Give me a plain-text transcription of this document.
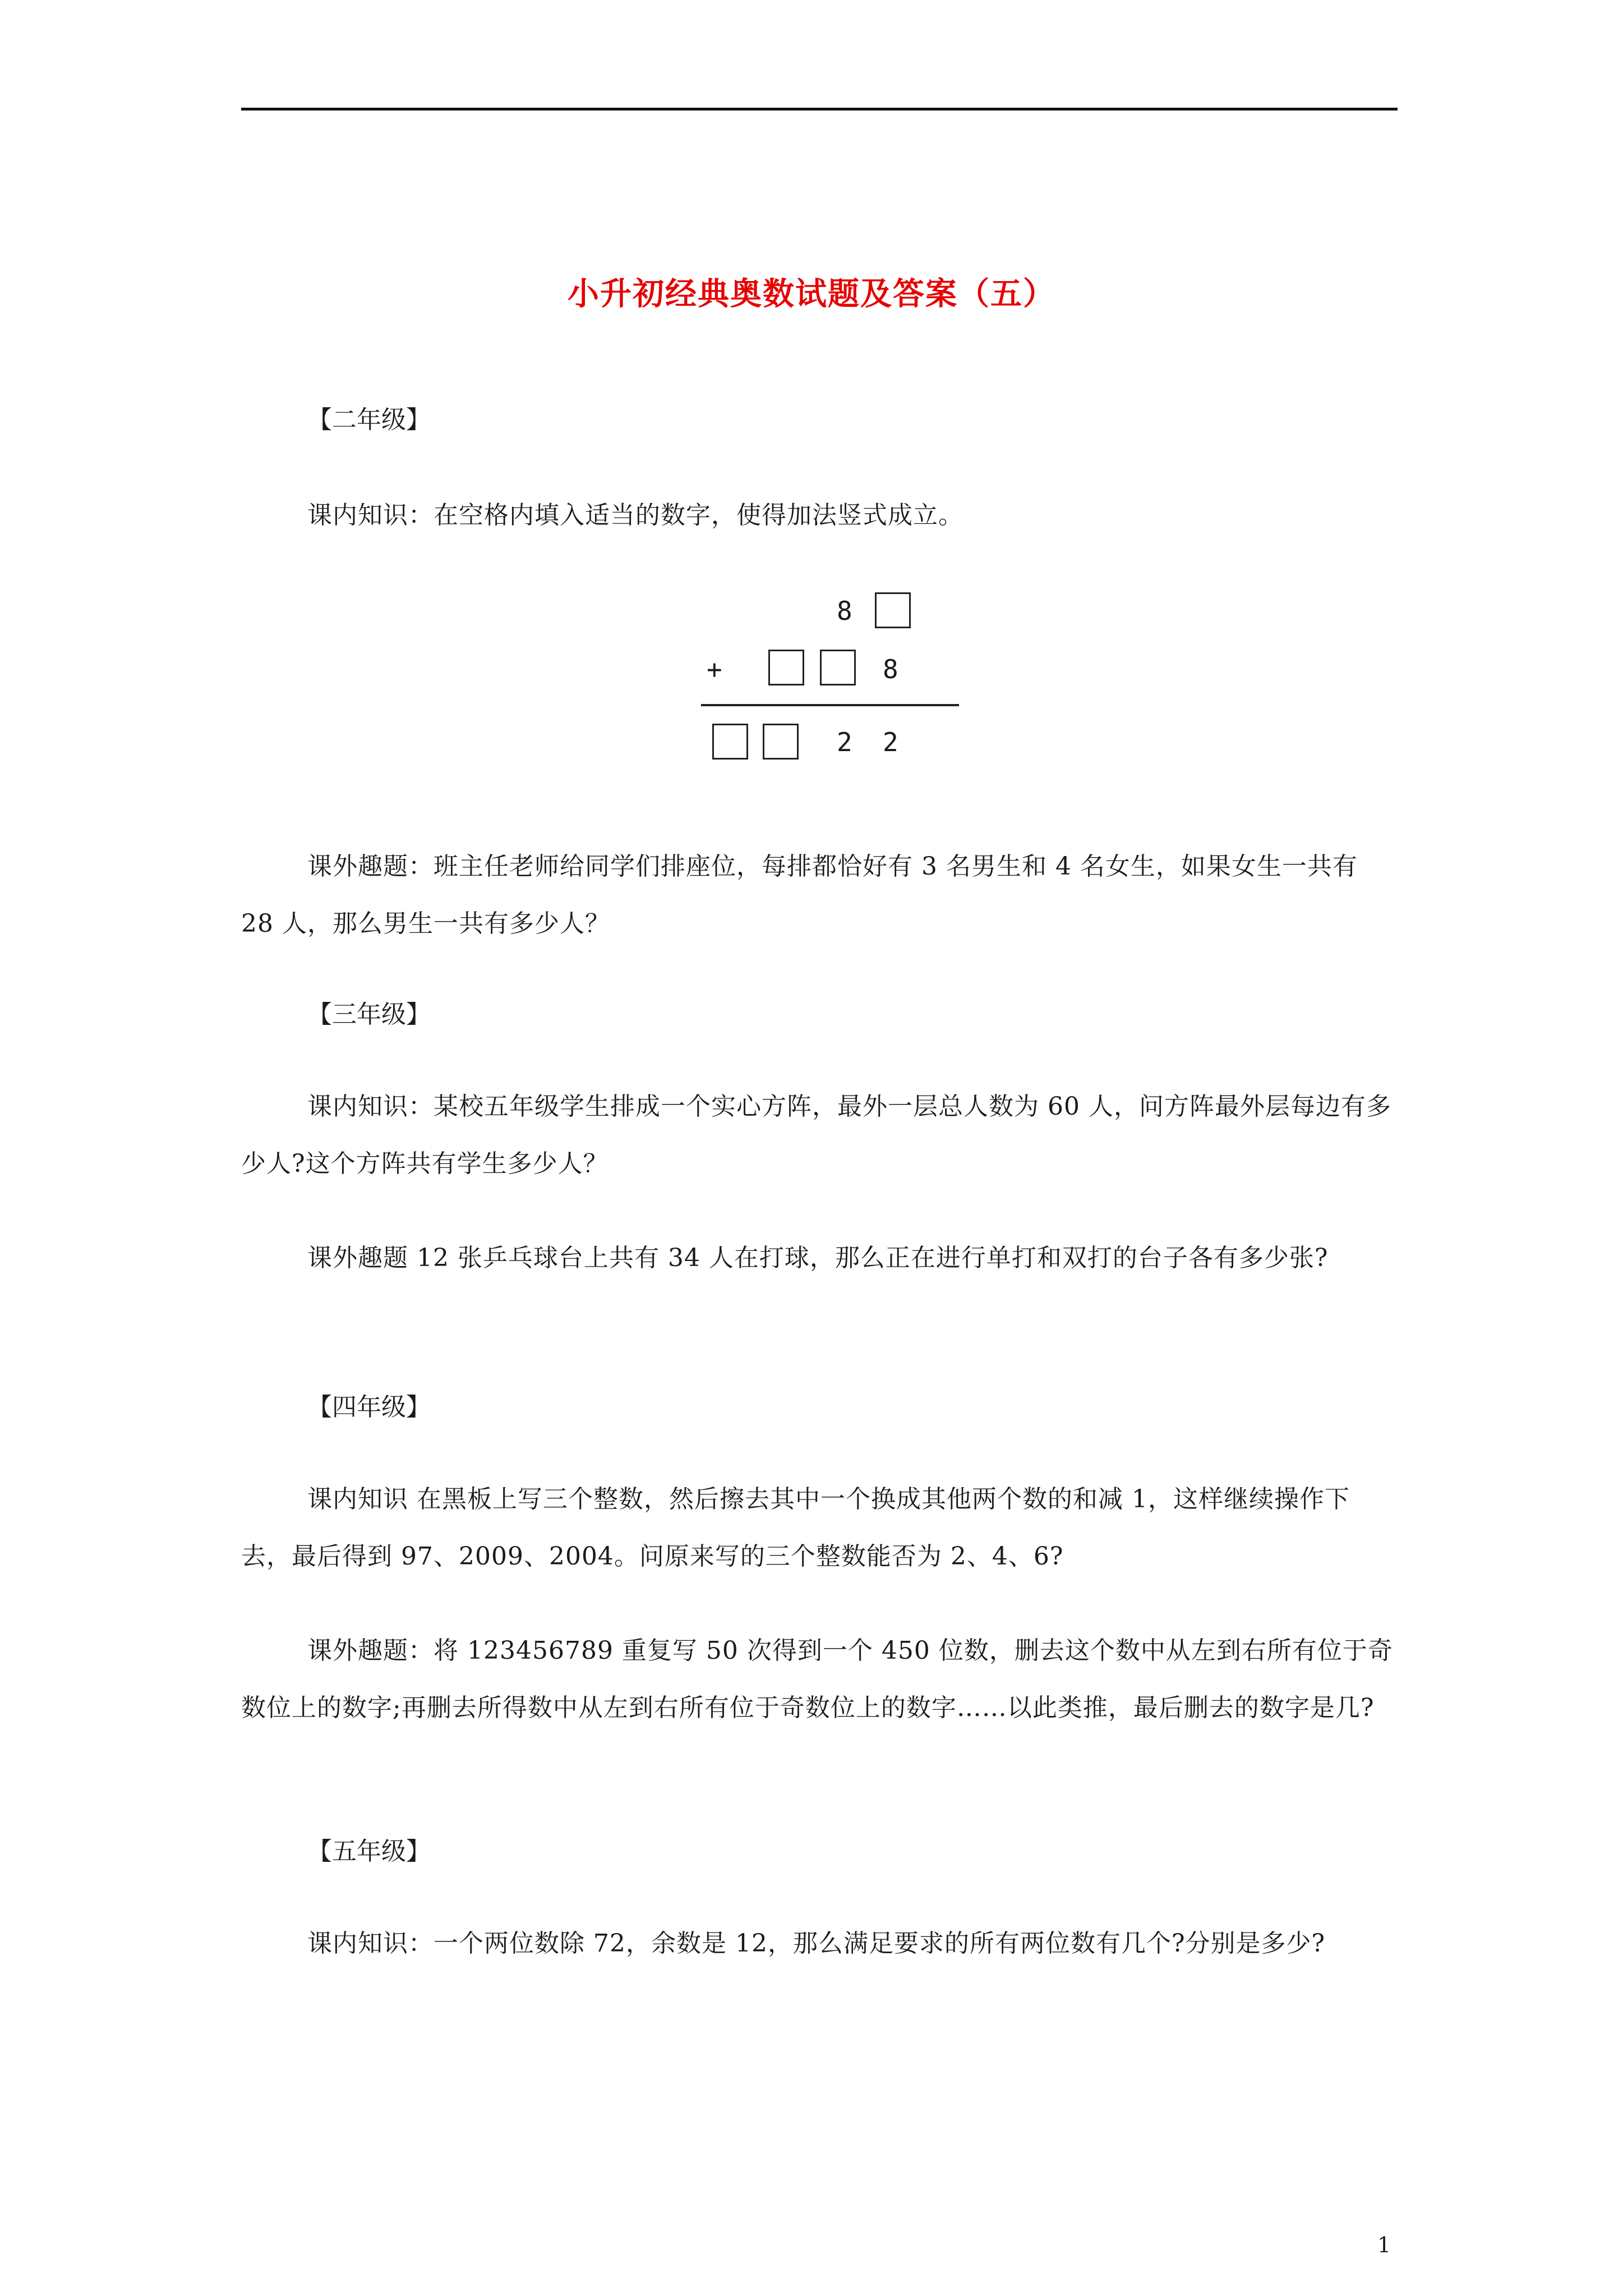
小升初经典奥数试题及答案（五）
【二年级】
课内知识：在空格内填入适当的数字，使得加法竖式成立。
8
+	8
2 2
课外趣题：班主任老师给同学们排座位，每排都恰好有 3 名男生和 4 名女生，如果女生一共有 28 人，那么男生一共有多少人？
【三年级】
课内知识：某校五年级学生排成一个实心方阵，最外一层总人数为 60 人，问方阵最外层每边有多少人?这个方阵共有学生多少人？
课外趣题 12 张乒乓球台上共有 34 人在打球，那么正在进行单打和双打的台子各有多少张?
【四年级】
课内知识 在黑板上写三个整数，然后擦去其中一个换成其他两个数的和减 1，这样继续操作下去，最后得到 97、2009、2004。问原来写的三个整数能否为 2、4、6?
课外趣题：将 123456789 重复写 50 次得到一个 450 位数，删去这个数中从左到右所有位于奇数位上的数字;再删去所得数中从左到右所有位于奇数位上的数字……以此类推，最后删去的数字是几?
【五年级】
课内知识：一个两位数除 72，余数是 12，那么满足要求的所有两位数有几个?分别是多少?
1
